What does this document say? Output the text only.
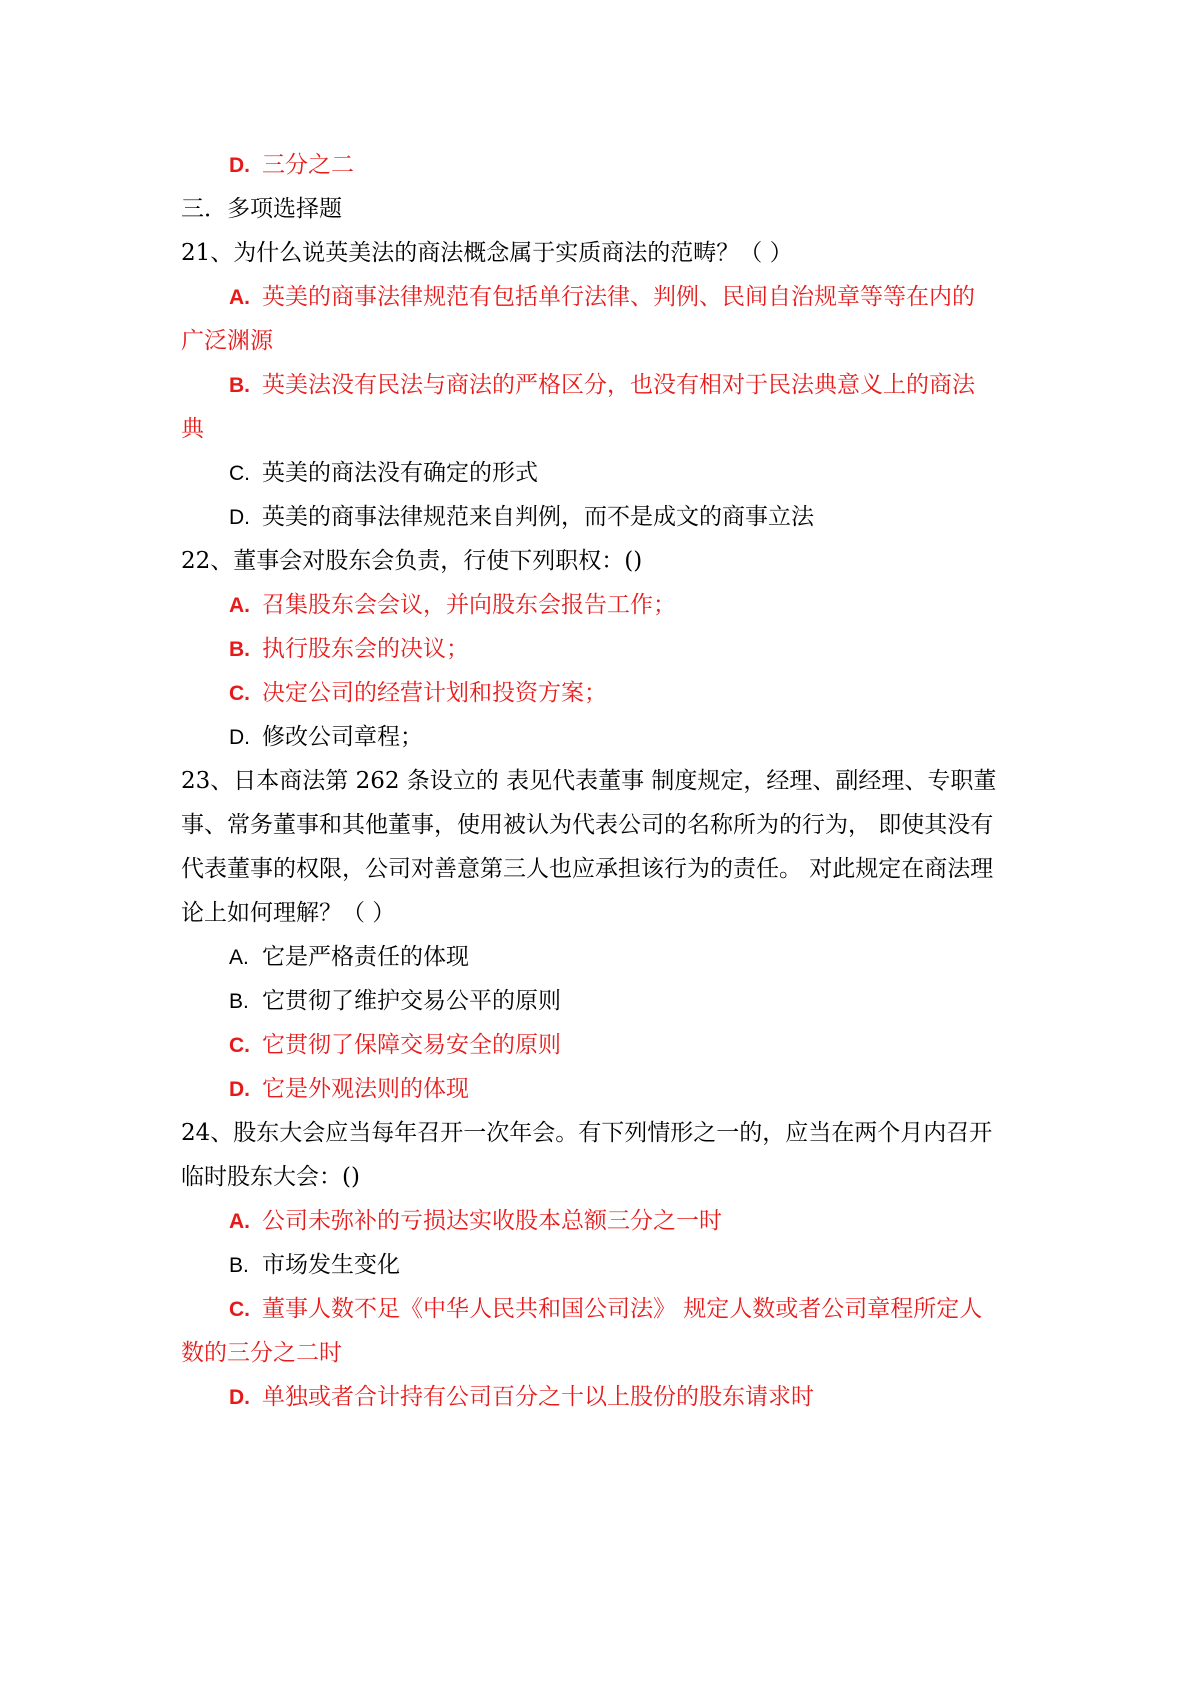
D. 三分之二
三．多项选择题
21、为什么说英美法的商法概念属于实质商法的范畴？（ ）
A. 英美的商事法律规范有包括单行法律、判例、民间自治规章等等在内的
广泛渊源
B. 英美法没有民法与商法的严格区分，也没有相对于民法典意义上的商法
典
C. 英美的商法没有确定的形式
D. 英美的商事法律规范来自判例，而不是成文的商事立法
22、董事会对股东会负责，行使下列职权：()
A. 召集股东会会议，并向股东会报告工作；
B. 执行股东会的决议；
C. 决定公司的经营计划和投资方案；
D. 修改公司章程；
23、日本商法第 262 条设立的 表见代表董事 制度规定，经理、副经理、专职董
事、常务董事和其他董事，使用被认为代表公司的名称所为的行为， 即使其没有
代表董事的权限，公司对善意第三人也应承担该行为的责任。 对此规定在商法理
论上如何理解？（ ）
A. 它是严格责任的体现
B. 它贯彻了维护交易公平的原则
C. 它贯彻了保障交易安全的原则
D. 它是外观法则的体现
24、股东大会应当每年召开一次年会。有下列情形之一的，应当在两个月内召开
临时股东大会：()
A. 公司未弥补的亏损达实收股本总额三分之一时
B. 市场发生变化
C. 董事人数不足《中华人民共和国公司法》 规定人数或者公司章程所定人
数的三分之二时
D. 单独或者合计持有公司百分之十以上股份的股东请求时
